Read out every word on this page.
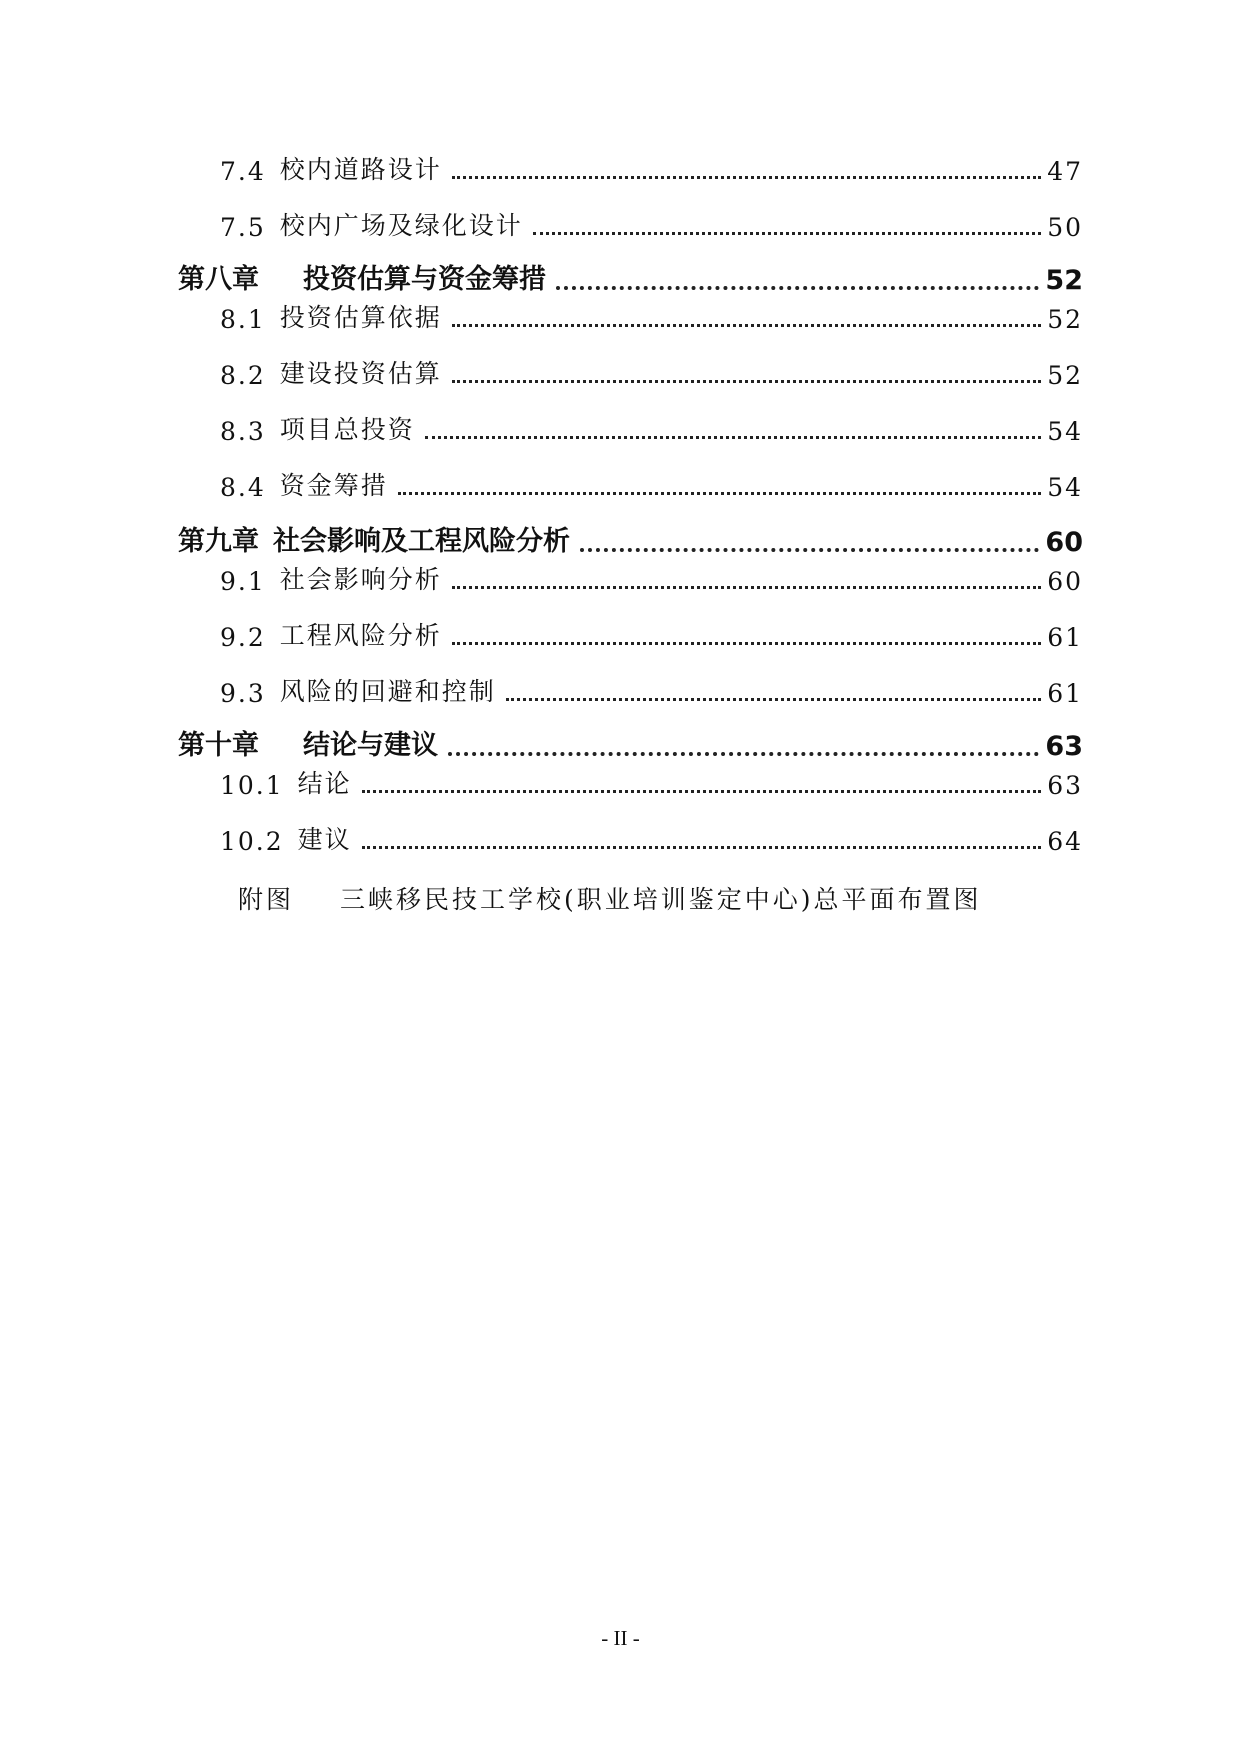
7.4 校内道路设计	47
7.5 校内广场及绿化设计	50
第八章 投资估算与资金筹措	52
8.1 投资估算依据	52
8.2 建设投资估算	52
8.3 项目总投资	54
8.4 资金筹措	54
第九章 社会影响及工程风险分析	60
9.1 社会影响分析	60
9.2 工程风险分析	61
9.3 风险的回避和控制	61
第十章 结论与建议	63
10.1 结论	63
10.2 建议	64
附图 三峡移民技工学校(职业培训鉴定中心)总平面布置图
- II -
